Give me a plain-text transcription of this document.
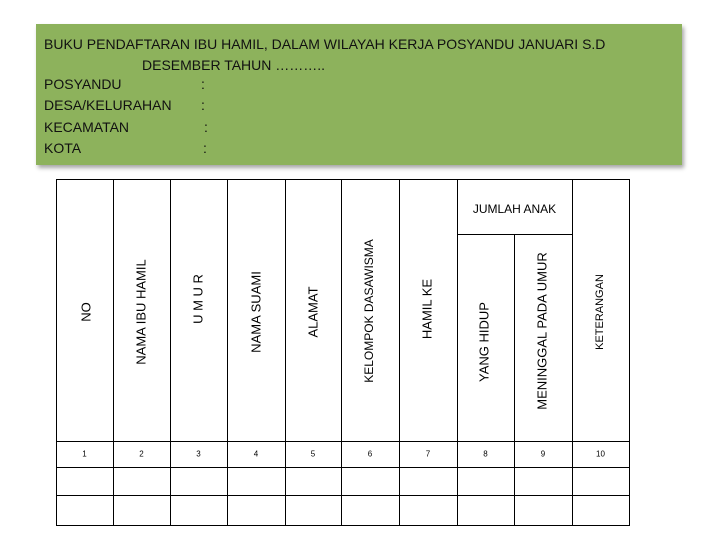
BUKU PENDAFTARAN IBU HAMIL, DALAM WILAYAH KERJA POSYANDU JANUARI S.D
DESEMBER TAHUN ………..
POSYANDU	:
DESA/KELURAHAN :
KECAMATAN	:
KOTA	:
NO	NAMA IBU HAMIL	U M U R	NAMA SUAMI	ALAMAT	KELOMPOK DASAWISMA	HAMIL KE	YANG HIDUP	MENINGGAL PADA UMUR	KETERANGAN
JUMLAH ANAK
1	2	3	4	5	6	7	8	9	10
